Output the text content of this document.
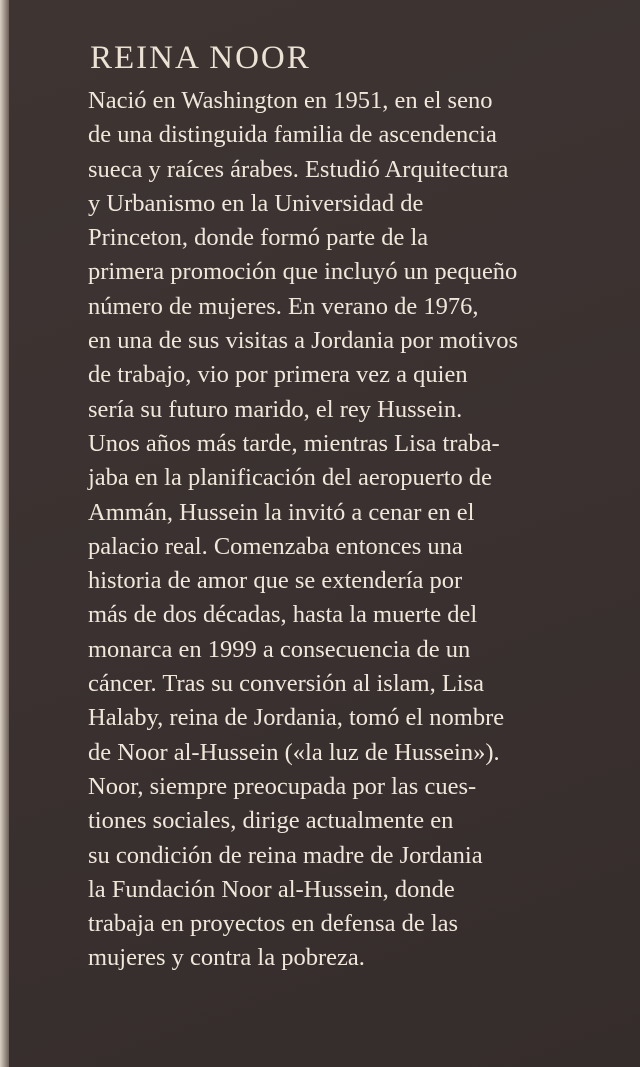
REINA NOOR
Nació en Washington en 1951, en el seno
de una distinguida familia de ascendencia
sueca y raíces árabes. Estudió Arquitectura
y Urbanismo en la Universidad de
Princeton, donde formó parte de la
primera promoción que incluyó un pequeño
número de mujeres. En verano de 1976,
en una de sus visitas a Jordania por motivos
de trabajo, vio por primera vez a quien
sería su futuro marido, el rey Hussein.
Unos años más tarde, mientras Lisa traba-
jaba en la planificación del aeropuerto de
Ammán, Hussein la invitó a cenar en el
palacio real. Comenzaba entonces una
historia de amor que se extendería por
más de dos décadas, hasta la muerte del
monarca en 1999 a consecuencia de un
cáncer. Tras su conversión al islam, Lisa
Halaby, reina de Jordania, tomó el nombre
de Noor al-Hussein («la luz de Hussein»).
Noor, siempre preocupada por las cues-
tiones sociales, dirige actualmente en
su condición de reina madre de Jordania
la Fundación Noor al-Hussein, donde
trabaja en proyectos en defensa de las
mujeres y contra la pobreza.
